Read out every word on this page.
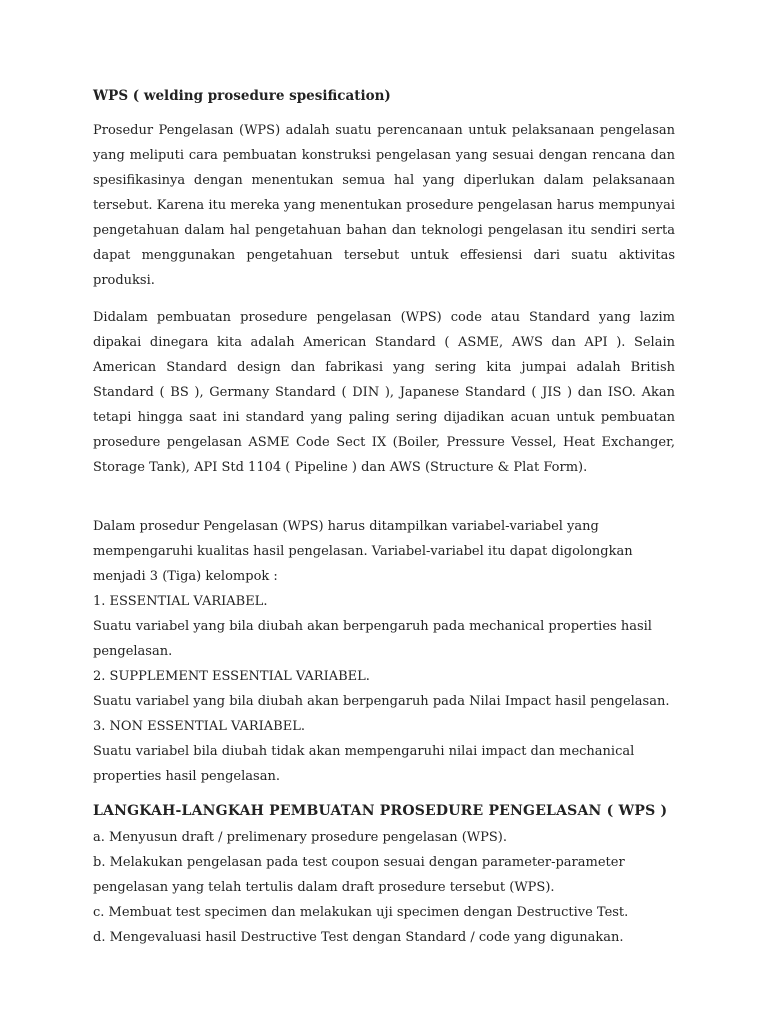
WPS ( welding prosedure spesification)

Prosedur Pengelasan (WPS) adalah suatu perencanaan untuk pelaksanaan pengelasan yang meliputi cara pembuatan konstruksi pengelasan yang sesuai dengan rencana dan spesifikasinya dengan menentukan semua hal yang diperlukan dalam pelaksanaan tersebut. Karena itu mereka yang menentukan prosedure pengelasan harus mempunyai pengetahuan dalam hal pengetahuan bahan dan teknologi pengelasan itu sendiri serta dapat menggunakan pengetahuan tersebut untuk effesiensi dari suatu aktivitas produksi.

Didalam pembuatan prosedure pengelasan (WPS) code atau Standard yang lazim dipakai dinegara kita adalah American Standard ( ASME, AWS dan API ). Selain American Standard design dan fabrikasi yang sering kita jumpai adalah British Standard ( BS ), Germany Standard ( DIN ), Japanese Standard ( JIS ) dan ISO. Akan tetapi hingga saat ini standard yang paling sering dijadikan acuan untuk pembuatan prosedure pengelasan ASME Code Sect IX (Boiler, Pressure Vessel, Heat Exchanger, Storage Tank), API Std 1104 ( Pipeline ) dan AWS (Structure & Plat Form).

Dalam prosedur Pengelasan (WPS) harus ditampilkan variabel-variabel yang mempengaruhi kualitas hasil pengelasan. Variabel-variabel itu dapat digolongkan menjadi 3 (Tiga) kelompok :

1. ESSENTIAL VARIABEL.

Suatu variabel yang bila diubah akan berpengaruh pada mechanical properties hasil pengelasan.

2. SUPPLEMENT ESSENTIAL VARIABEL.

Suatu variabel yang bila diubah akan berpengaruh pada Nilai Impact hasil pengelasan.

3. NON ESSENTIAL VARIABEL.

Suatu variabel bila diubah tidak akan mempengaruhi nilai impact dan mechanical properties hasil pengelasan.

LANGKAH-LANGKAH PEMBUATAN PROSEDURE PENGELASAN ( WPS )

a. Menyusun draft / prelimenary prosedure pengelasan (WPS).

b. Melakukan pengelasan pada test coupon sesuai dengan parameter-parameter pengelasan yang telah tertulis dalam draft prosedure tersebut (WPS).

c. Membuat test specimen dan melakukan uji specimen dengan Destructive Test.

d. Mengevaluasi hasil Destructive Test dengan Standard / code yang digunakan.
